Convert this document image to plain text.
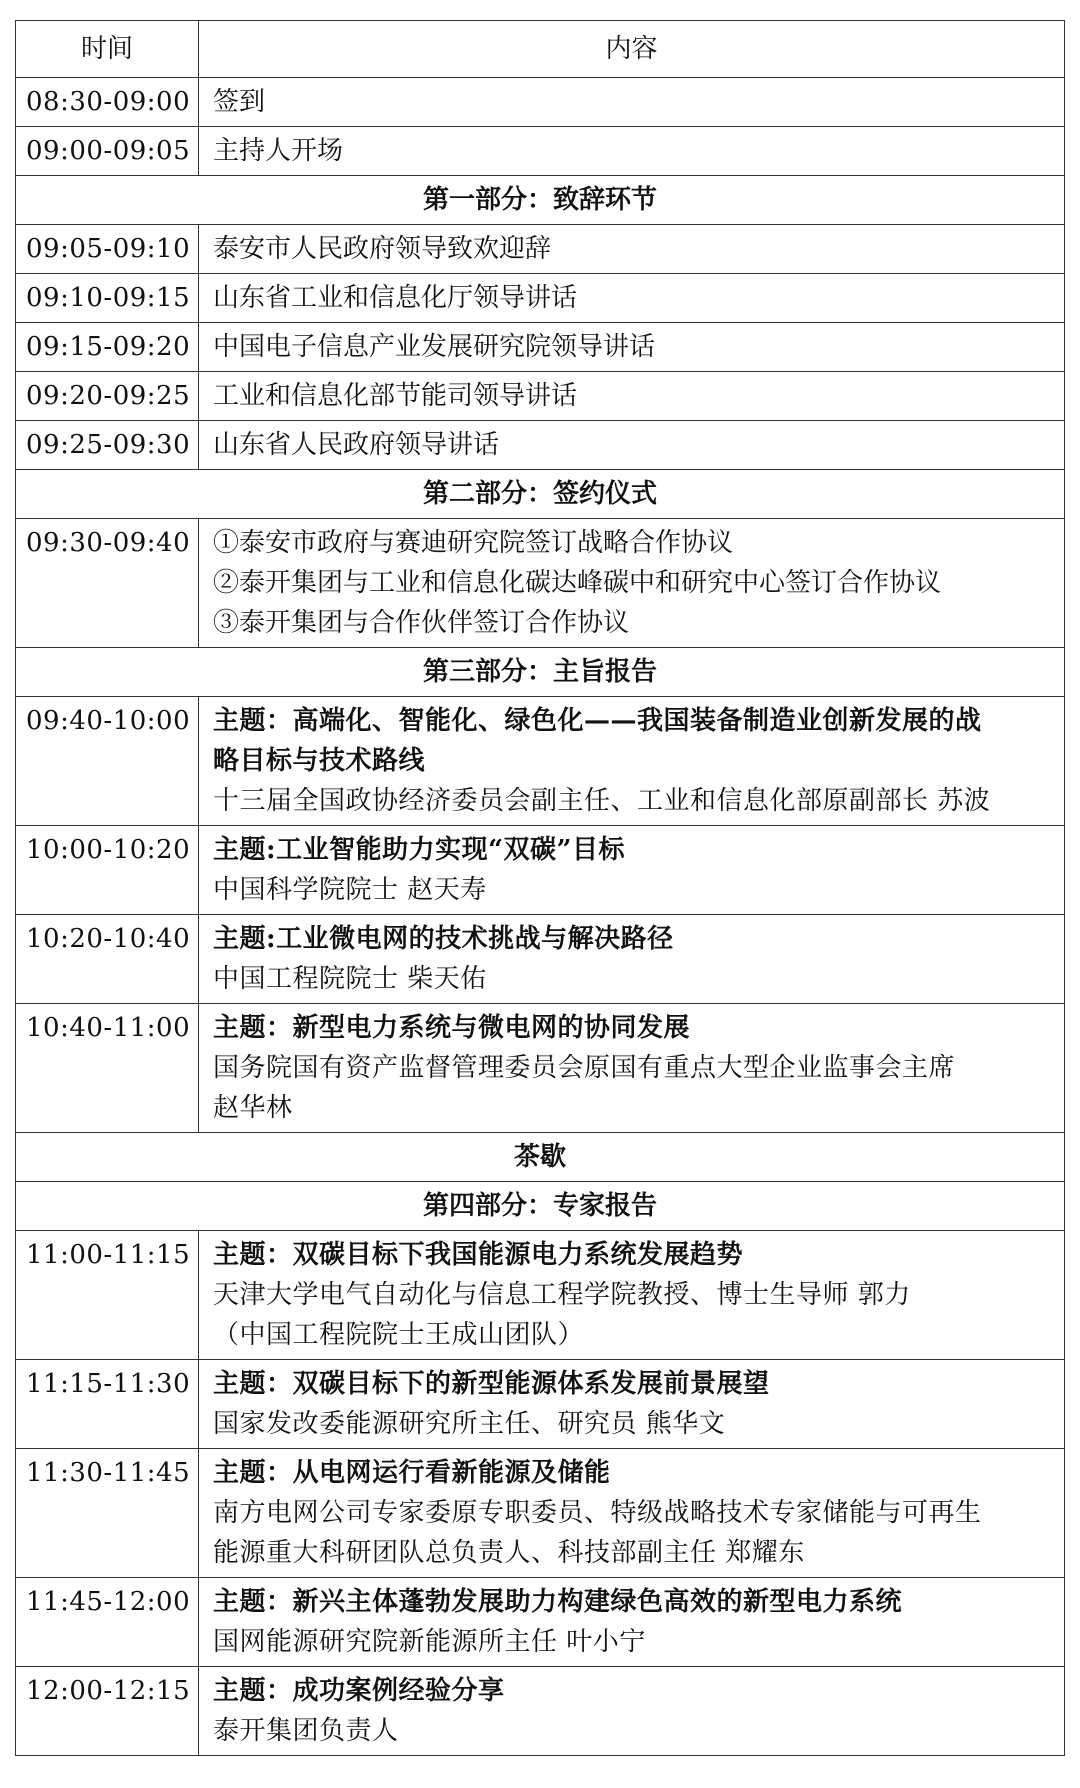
时间	内容
08:30-09:00	签到
09:00-09:05	主持人开场
第一部分：致辞环节	
09:05-09:10	泰安市人民政府领导致欢迎辞
09:10-09:15	山东省工业和信息化厅领导讲话
09:15-09:20	中国电子信息产业发展研究院领导讲话
09:20-09:25	工业和信息化部节能司领导讲话
09:25-09:30	山东省人民政府领导讲话
第二部分：签约仪式	
09:30-09:40	①泰安市政府与赛迪研究院签订战略合作协议
②泰开集团与工业和信息化碳达峰碳中和研究中心签订合作协议
③泰开集团与合作伙伴签订合作协议

第三部分：主旨报告	
09:40-10:00	主题：高端化、智能化、绿色化——我国装备制造业创新发展的战
略目标与技术路线
十三届全国政协经济委员会副主任、工业和信息化部原副部长 苏波

10:00-10:20	主题:工业智能助力实现“双碳”目标
中国科学院院士 赵天寿

10:20-10:40	主题:工业微电网的技术挑战与解决路径
中国工程院院士 柴天佑

10:40-11:00	主题：新型电力系统与微电网的协同发展
国务院国有资产监督管理委员会原国有重点大型企业监事会主席
赵华林

茶歇	
第四部分：专家报告	
11:00-11:15	主题：双碳目标下我国能源电力系统发展趋势
天津大学电气自动化与信息工程学院教授、博士生导师 郭力
（中国工程院院士王成山团队）

11:15-11:30	主题：双碳目标下的新型能源体系发展前景展望
国家发改委能源研究所主任、研究员 熊华文

11:30-11:45	主题：从电网运行看新能源及储能
南方电网公司专家委原专职委员、特级战略技术专家储能与可再生
能源重大科研团队总负责人、科技部副主任 郑耀东

11:45-12:00	主题：新兴主体蓬勃发展助力构建绿色高效的新型电力系统
国网能源研究院新能源所主任 叶小宁

12:00-12:15	主题：成功案例经验分享
泰开集团负责人
